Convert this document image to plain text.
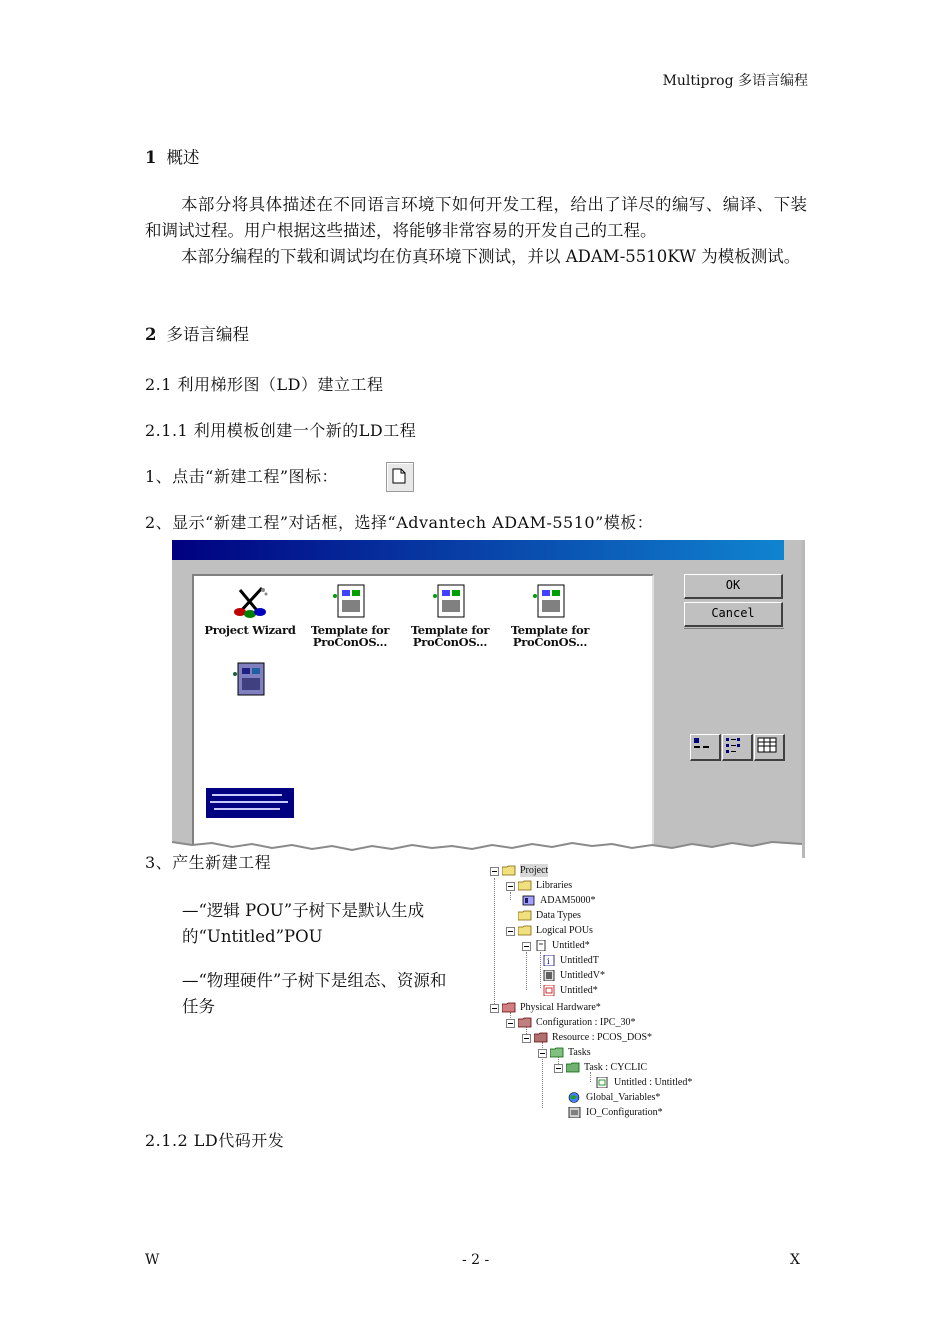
Multiprog 多语言编程
1 概述
本部分将具体描述在不同语言环境下如何开发工程，给出了详尽的编写、编译、下装和调试过程。用户根据这些描述，将能够非常容易的开发自己的工程。
本部分编程的下载和调试均在仿真环境下测试，并以 ADAM-5510KW 为模板测试。
2 多语言编程
2.1 利用梯形图（LD）建立工程
2.1.1 利用模板创建一个新的LD工程
1、点击“新建工程”图标：
2、显示“新建工程”对话框，选择“Advantech ADAM-5510”模板：
Project Wizard	Template for ProConOS...
Template for ProConOS...
Template for ProConOS...
OK
Cancel
3、产生新建工程
—“逻辑 POU”子树下是默认生成的“Untitled”POU
—“物理硬件”子树下是组态、资源和任务
Project
Libraries
ADAM5000*
Data Types
Logical POUs
Untitled*
i UntitledT
UntitledV*
Untitled*
Physical Hardware*
Configuration : IPC_30*
Resource : PCOS_DOS*
Tasks
Task : CYCLIC
Untitled : Untitled*
Global_Variables*
IO_Configuration*
2.1.2 LD代码开发
W	- 2 -	X
